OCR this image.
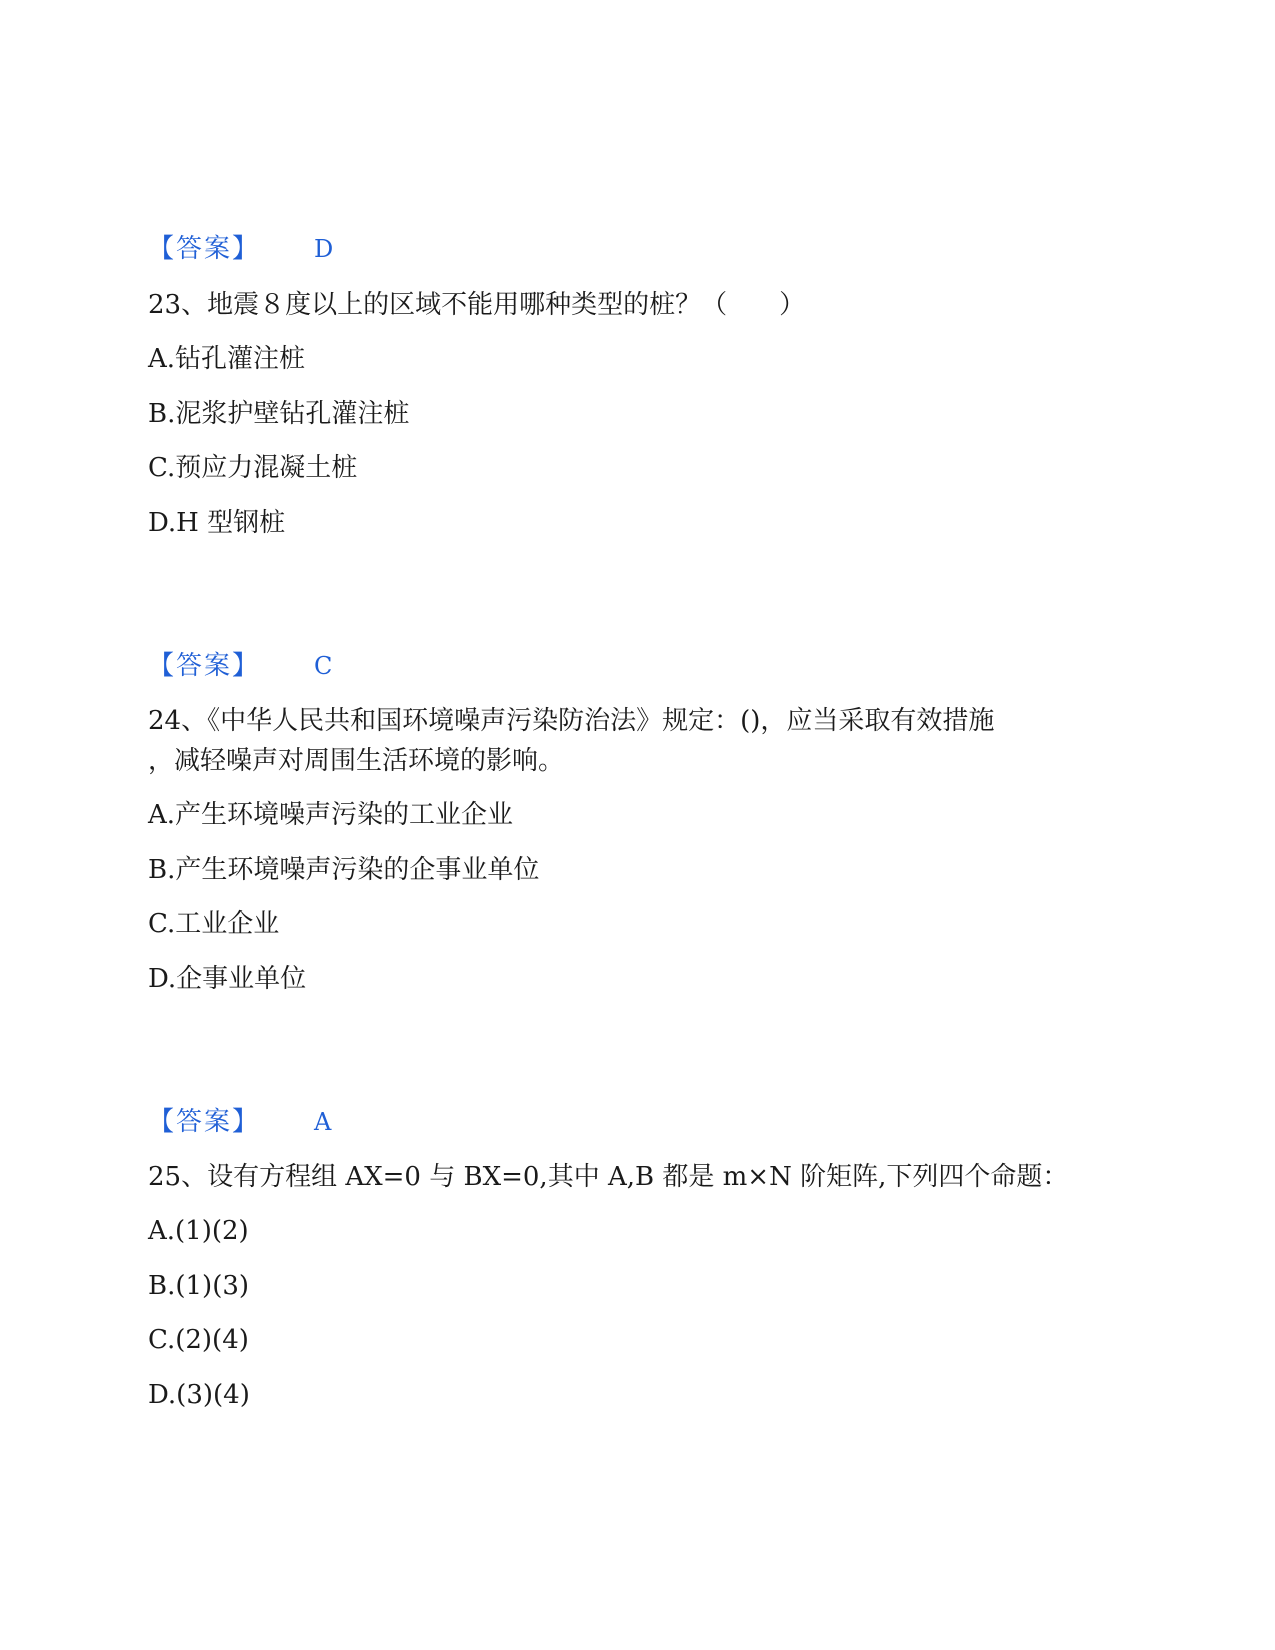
【答案】 D
23、地震８度以上的区域不能用哪种类型的桩？（　　）
A.钻孔灌注桩
B.泥浆护壁钻孔灌注桩
C.预应力混凝土桩
D.H 型钢桩
【答案】 C
24、《中华人民共和国环境噪声污染防治法》规定：()，应当采取有效措施
，减轻噪声对周围生活环境的影响。
A.产生环境噪声污染的工业企业
B.产生环境噪声污染的企事业单位
C.工业企业
D.企事业单位
【答案】 A
25、设有方程组 AX=0 与 BX=0,其中 A,B 都是 m×N 阶矩阵,下列四个命题：
A.(1)(2)
B.(1)(3)
C.(2)(4)
D.(3)(4)
